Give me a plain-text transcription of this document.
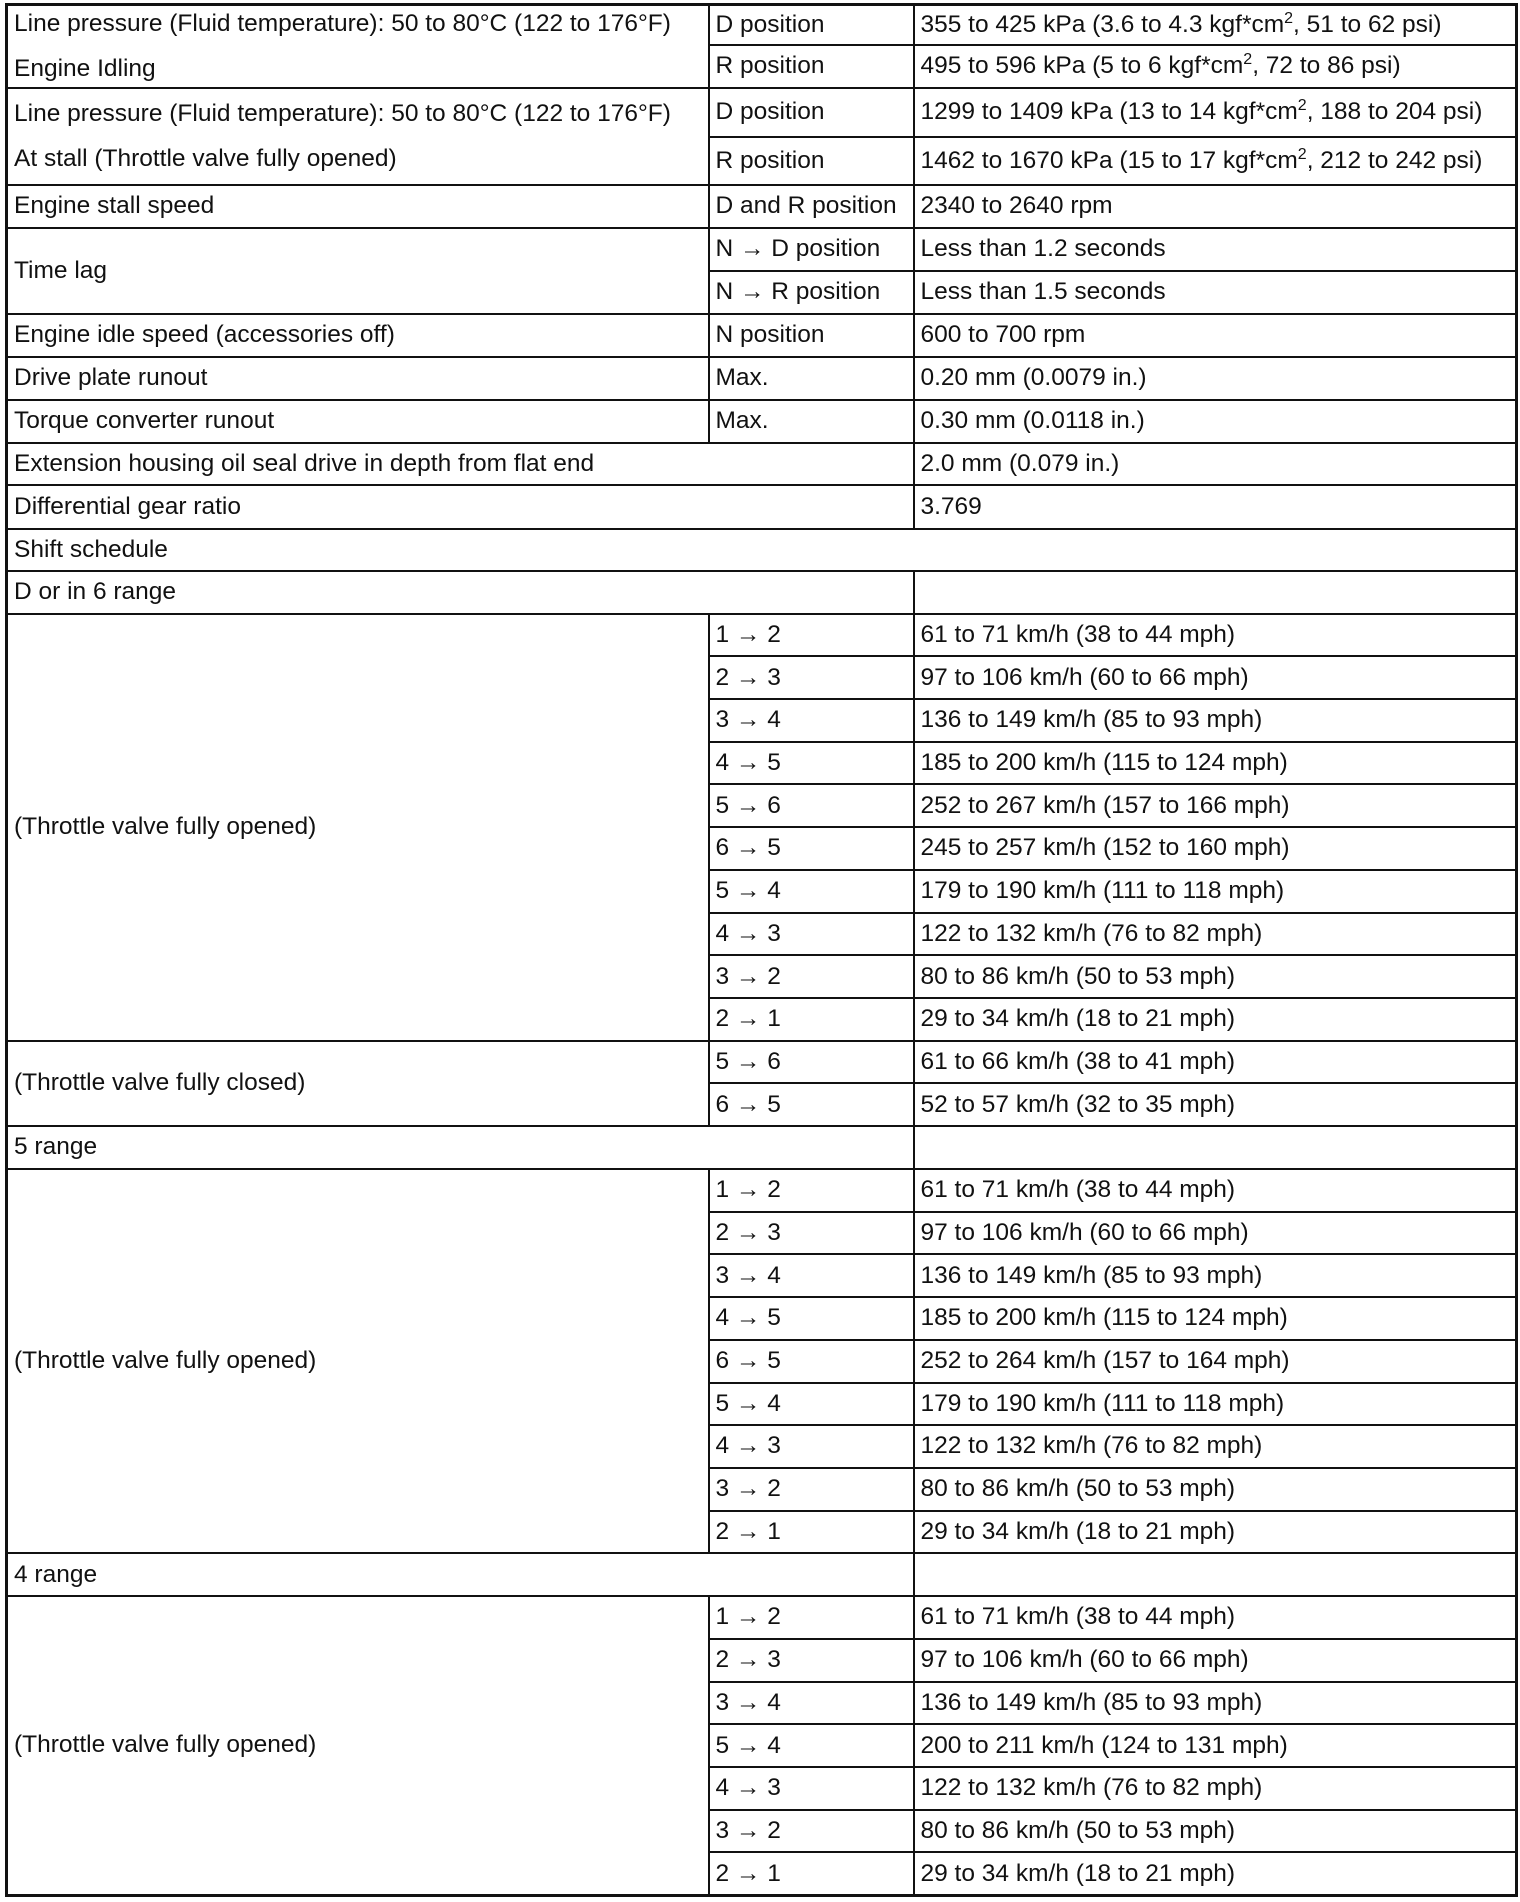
Line pressure (Fluid temperature): 50 to 80°C (122 to 176°F)
Engine Idling	D position	355 to 425 kPa (3.6 to 4.3 $kgf*cm^2$, 51 to 62 psi)
	R position	495 to 596 kPa (5 to 6 $kgf*cm^2$, 72 to 86 psi)

Line pressure (Fluid temperature): 50 to 80°C (122 to 176°F)
At stall (Throttle valve fully opened)	D position	1299 to 1409 kPa (13 to 14 $kgf*cm^2$, 188 to 204 psi)
	R position	1462 to 1670 kPa (15 to 17 $kgf*cm^2$, 212 to 242 psi)
Engine stall speed	D and R position	2340 to 2640 rpm
Time lag	N → D position	Less than 1.2 seconds
	N → R position	Less than 1.5 seconds
Engine idle speed (accessories off)	N position	600 to 700 rpm
Drive plate runout	Max.	0.20 mm (0.0079 in.)
Torque converter runout	Max.	0.30 mm (0.0118 in.)
Extension housing oil seal drive in depth from flat end		2.0 mm (0.079 in.)
Differential gear ratio		3.769
Shift schedule		
D or in 6 range		
(Throttle valve fully opened)	1 → 2	61 to 71 km/h (38 to 44 mph)
	2 → 3	97 to 106 km/h (60 to 66 mph)
	3 → 4	136 to 149 km/h (85 to 93 mph)
	4 → 5	185 to 200 km/h (115 to 124 mph)
	5 → 6	252 to 267 km/h (157 to 166 mph)
	6 → 5	245 to 257 km/h (152 to 160 mph)
	5 → 4	179 to 190 km/h (111 to 118 mph)
	4 → 3	122 to 132 km/h (76 to 82 mph)
	3 → 2	80 to 86 km/h (50 to 53 mph)
	2 → 1	29 to 34 km/h (18 to 21 mph)
(Throttle valve fully closed)	5 → 6	61 to 66 km/h (38 to 41 mph)
	6 → 5	52 to 57 km/h (32 to 35 mph)
5 range		
(Throttle valve fully opened)	1 → 2	61 to 71 km/h (38 to 44 mph)
	2 → 3	97 to 106 km/h (60 to 66 mph)
	3 → 4	136 to 149 km/h (85 to 93 mph)
	4 → 5	185 to 200 km/h (115 to 124 mph)
	6 → 5	252 to 264 km/h (157 to 164 mph)
	5 → 4	179 to 190 km/h (111 to 118 mph)
	4 → 3	122 to 132 km/h (76 to 82 mph)
	3 → 2	80 to 86 km/h (50 to 53 mph)
	2 → 1	29 to 34 km/h (18 to 21 mph)
4 range		
(Throttle valve fully opened)	1 → 2	61 to 71 km/h (38 to 44 mph)
	2 → 3	97 to 106 km/h (60 to 66 mph)
	3 → 4	136 to 149 km/h (85 to 93 mph)
	5 → 4	200 to 211 km/h (124 to 131 mph)
	4 → 3	122 to 132 km/h (76 to 82 mph)
	3 → 2	80 to 86 km/h (50 to 53 mph)
	2 → 1	29 to 34 km/h (18 to 21 mph)
